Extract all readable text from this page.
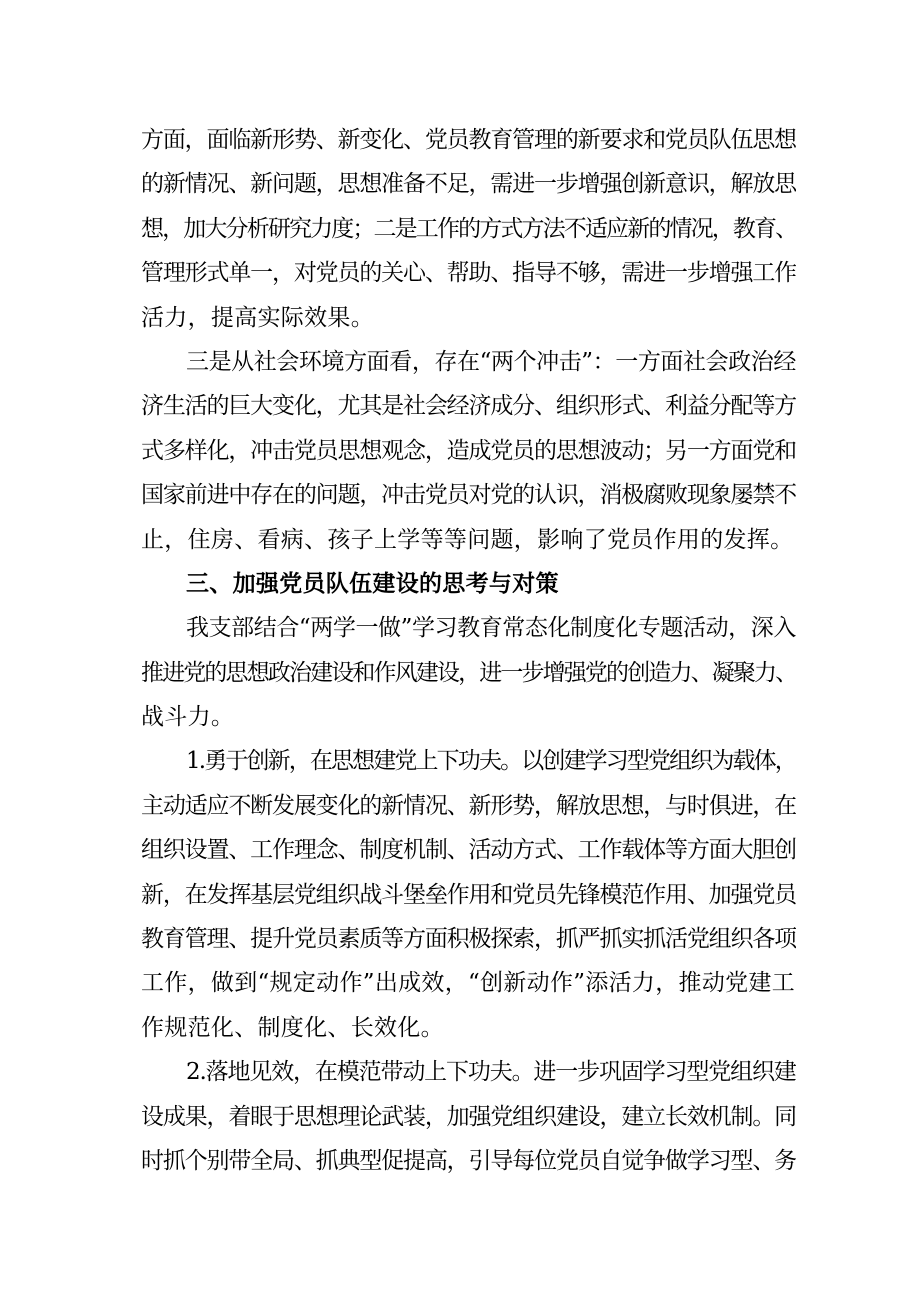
方面，面临新形势、新变化、党员教育管理的新要求和党员队伍思想
的新情况、新问题，思想准备不足，需进一步增强创新意识，解放思
想，加大分析研究力度；二是工作的方式方法不适应新的情况，教育、
管理形式单一，对党员的关心、帮助、指导不够，需进一步增强工作
活力，提高实际效果。
三是从社会环境方面看，存在“两个冲击”：一方面社会政治经
济生活的巨大变化，尤其是社会经济成分、组织形式、利益分配等方
式多样化，冲击党员思想观念，造成党员的思想波动；另一方面党和
国家前进中存在的问题，冲击党员对党的认识，消极腐败现象屡禁不
止，住房、看病、孩子上学等等问题，影响了党员作用的发挥。
三、加强党员队伍建设的思考与对策
我支部结合“两学一做”学习教育常态化制度化专题活动，深入
推进党的思想政治建设和作风建设，进一步增强党的创造力、凝聚力、
战斗力。
1.勇于创新，在思想建党上下功夫。以创建学习型党组织为载体，
主动适应不断发展变化的新情况、新形势，解放思想，与时俱进，在
组织设置、工作理念、制度机制、活动方式、工作载体等方面大胆创
新，在发挥基层党组织战斗堡垒作用和党员先锋模范作用、加强党员
教育管理、提升党员素质等方面积极探索，抓严抓实抓活党组织各项
工作，做到“规定动作”出成效，“创新动作”添活力，推动党建工
作规范化、制度化、长效化。
2.落地见效，在模范带动上下功夫。进一步巩固学习型党组织建
设成果，着眼于思想理论武装，加强党组织建设，建立长效机制。同
时抓个别带全局、抓典型促提高，引导每位党员自觉争做学习型、务
